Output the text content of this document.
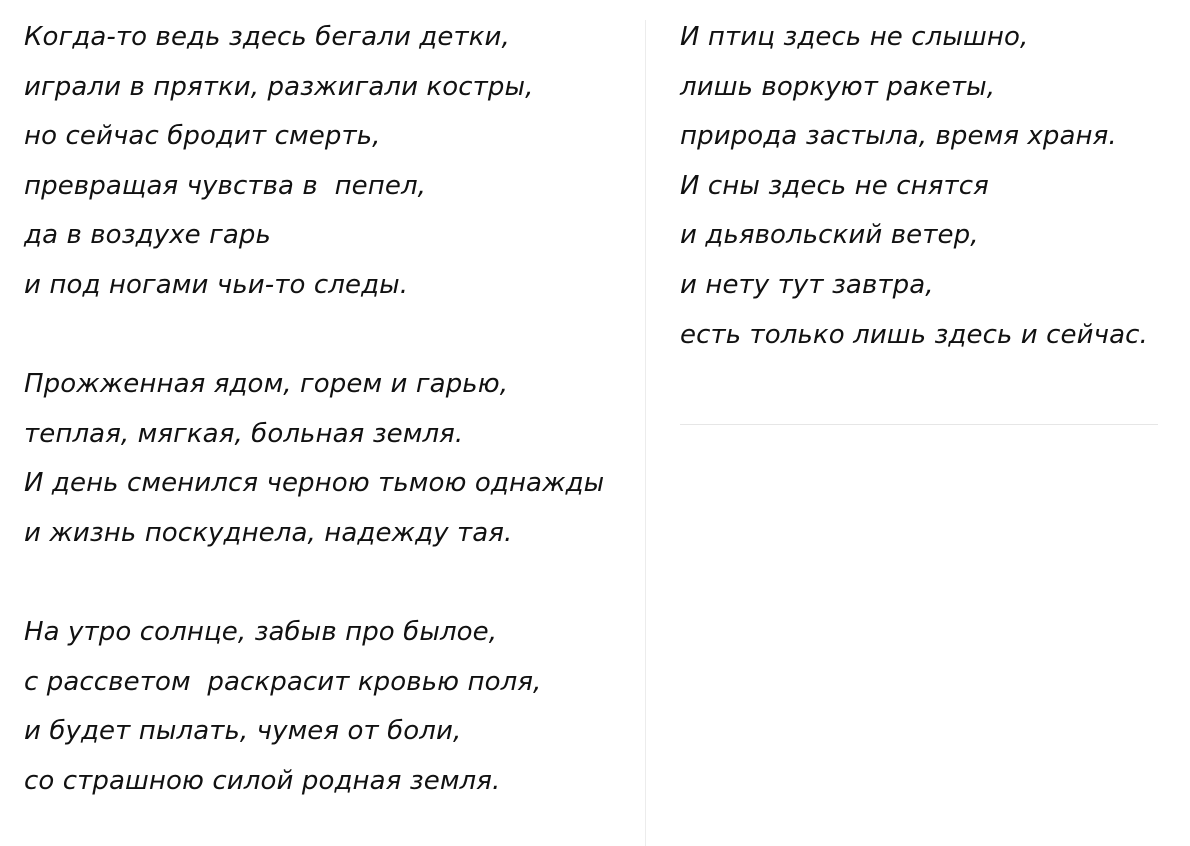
Когда-то ведь здесь бегали детки,
играли в прятки, разжигали костры,
но сейчас бродит смерть,
превращая чувства в  пепел,
да в воздухе гарь
и под ногами чьи-то следы.
Прожженная ядом, горем и гарью,
теплая, мягкая, больная земля.
И день сменился черною тьмою однажды
и жизнь поскуднела, надежду тая.
На утро солнце, забыв про былое,
с рассветом  раскрасит кровью поля,
и будет пылать, чумея от боли,
со страшною силой родная земля.
И птиц здесь не слышно,
лишь воркуют ракеты,
природа застыла, время храня.
И сны здесь не снятся
и дьявольский ветер,
и нету тут завтра,
есть только лишь здесь и сейчас.
